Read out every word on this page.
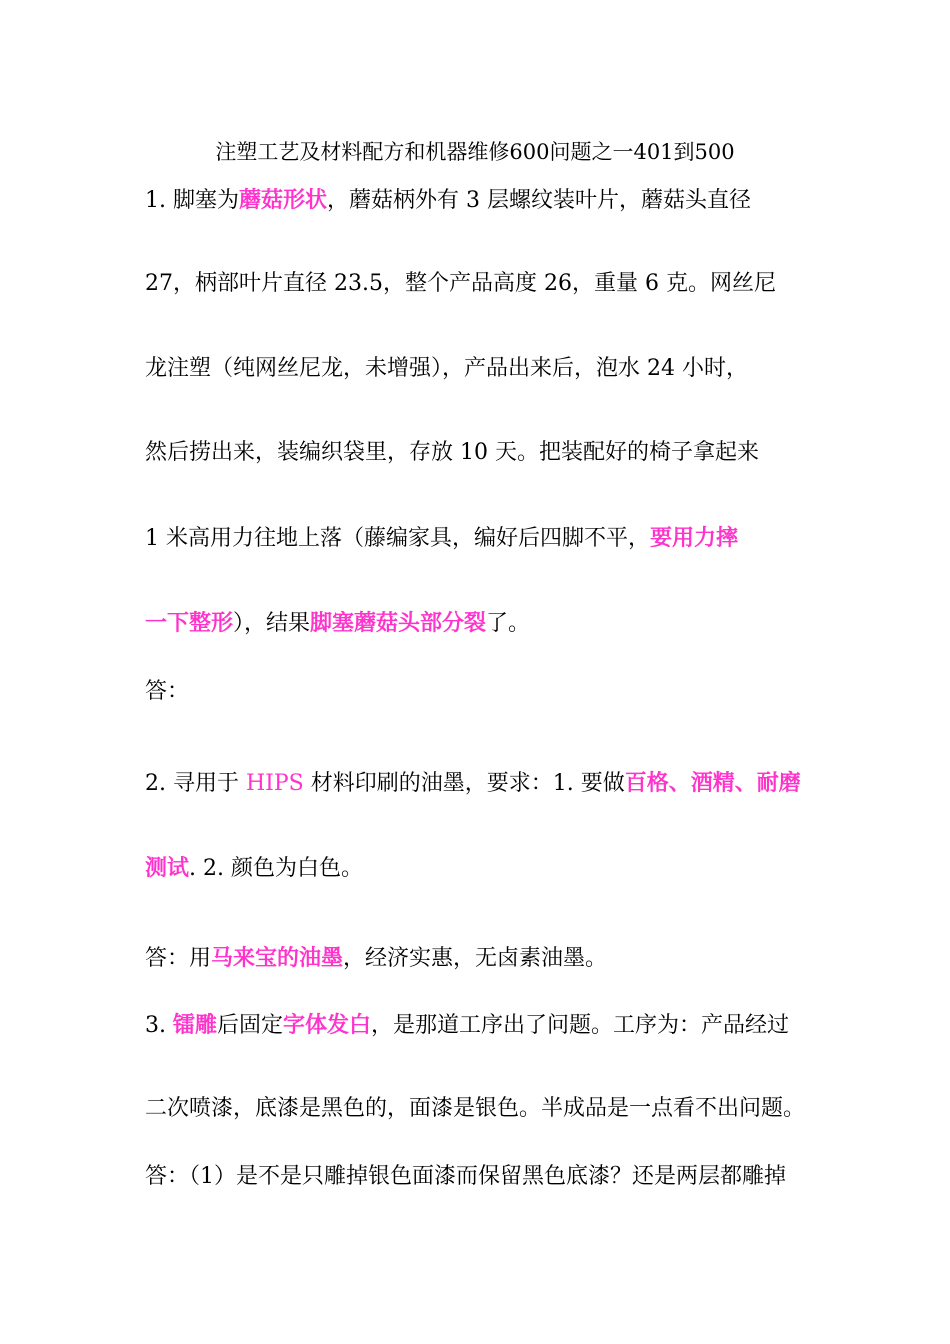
注塑工艺及材料配方和机器维修600问题之一401到500
1. 脚塞为蘑菇形状，蘑菇柄外有 3 层螺纹装叶片，蘑菇头直径
27，柄部叶片直径 23.5，整个产品高度 26，重量 6 克。网丝尼
龙注塑（纯网丝尼龙，未增强），产品出来后，泡水 24 小时，
然后捞出来，装编织袋里，存放 10 天。把装配好的椅子拿起来
1 米高用力往地上落（藤编家具，编好后四脚不平，要用力摔
一下整形），结果脚塞蘑菇头部分裂了。
答：
2. 寻用于 HIPS 材料印刷的油墨，要求：1. 要做百格、酒精、耐磨
测试. 2. 颜色为白色。
答：用马来宝的油墨，经济实惠，无卤素油墨。
3. 镭雕后固定字体发白，是那道工序出了问题。工序为：产品经过
二次喷漆，底漆是黑色的，面漆是银色。半成品是一点看不出问题。
答：（1）是不是只雕掉银色面漆而保留黑色底漆？还是两层都雕掉
